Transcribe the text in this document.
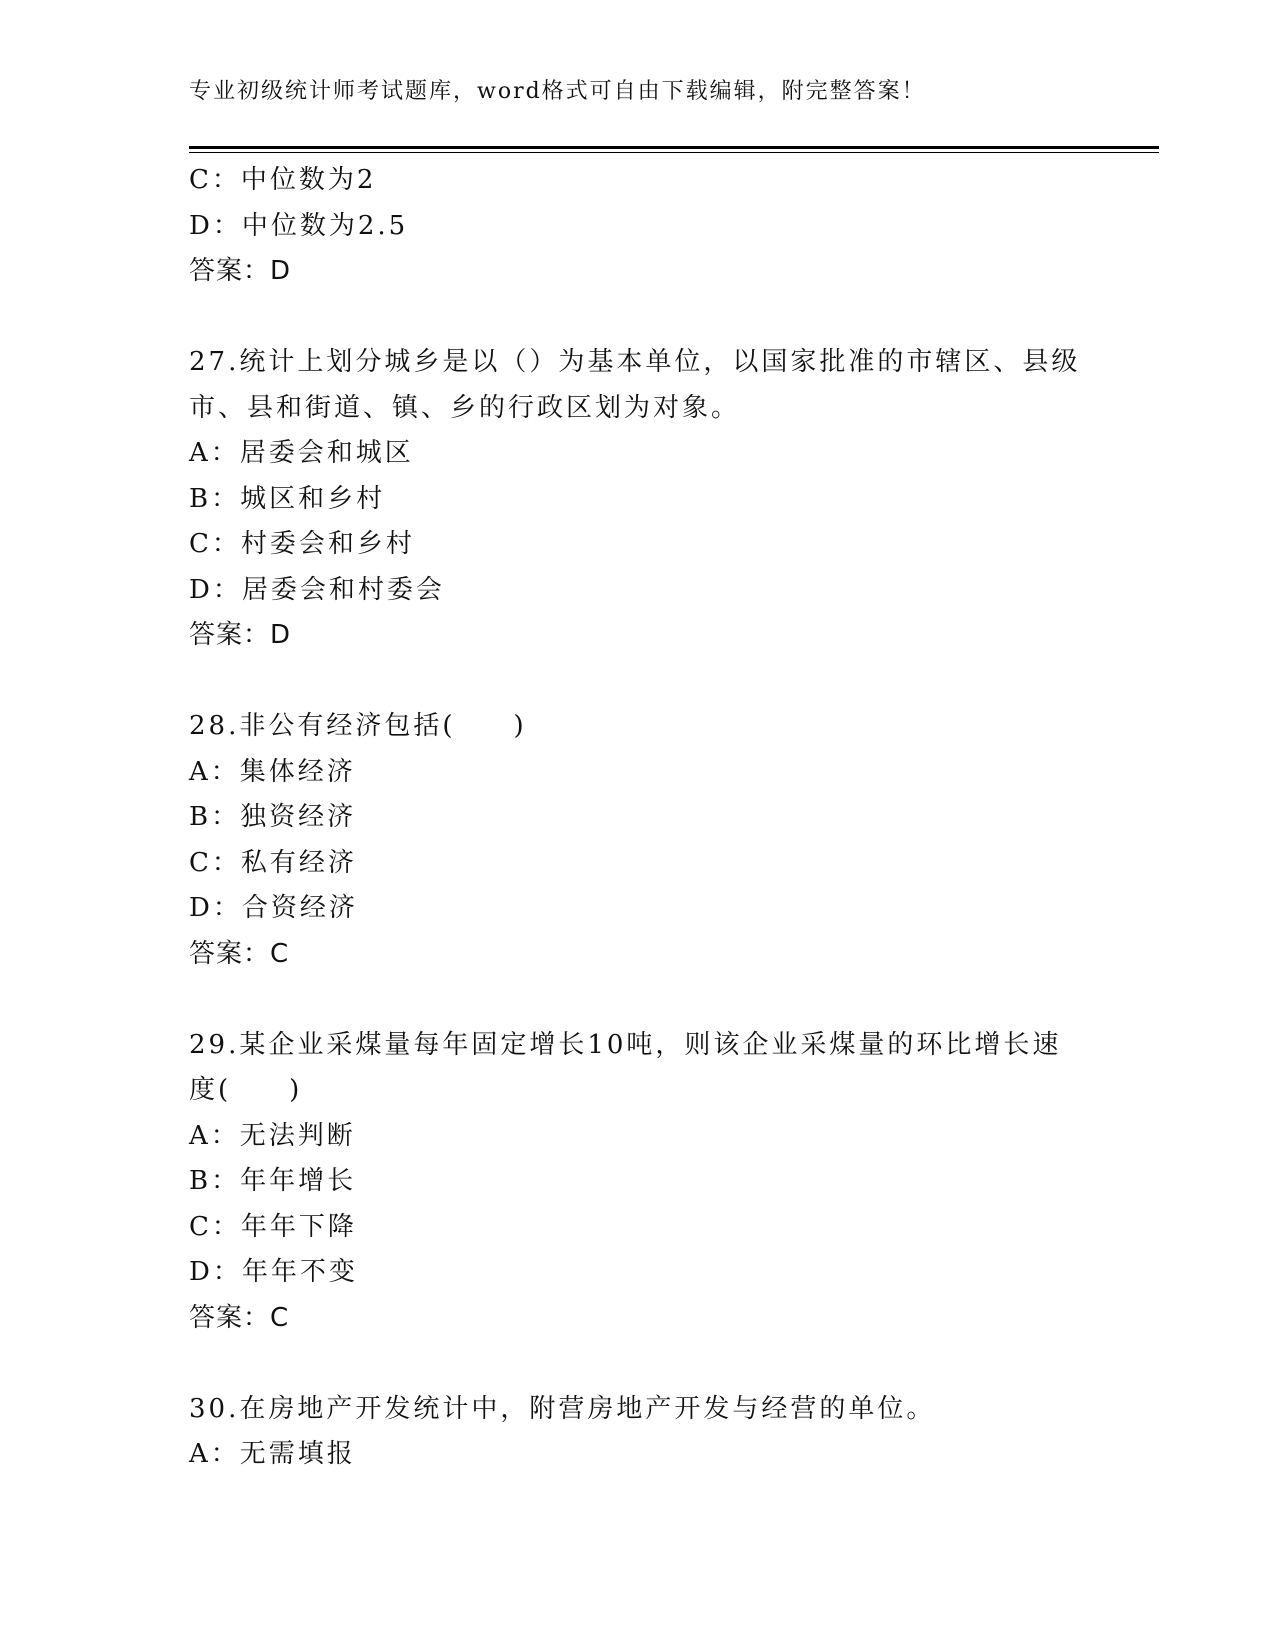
专业初级统计师考试题库，word格式可自由下载编辑，附完整答案！
C：中位数为2
D：中位数为2.5
答案：D
27.统计上划分城乡是以（）为基本单位，以国家批准的市辖区、县级
市、县和街道、镇、乡的行政区划为对象。
A：居委会和城区
B：城区和乡村
C：村委会和乡村
D：居委会和村委会
答案：D
28.非公有经济包括(　　)
A：集体经济
B：独资经济
C：私有经济
D：合资经济
答案：C
29.某企业采煤量每年固定增长10吨，则该企业采煤量的环比增长速
度(　　)
A：无法判断
B：年年增长
C：年年下降
D：年年不变
答案：C
30.在房地产开发统计中，附营房地产开发与经营的单位。
A：无需填报
